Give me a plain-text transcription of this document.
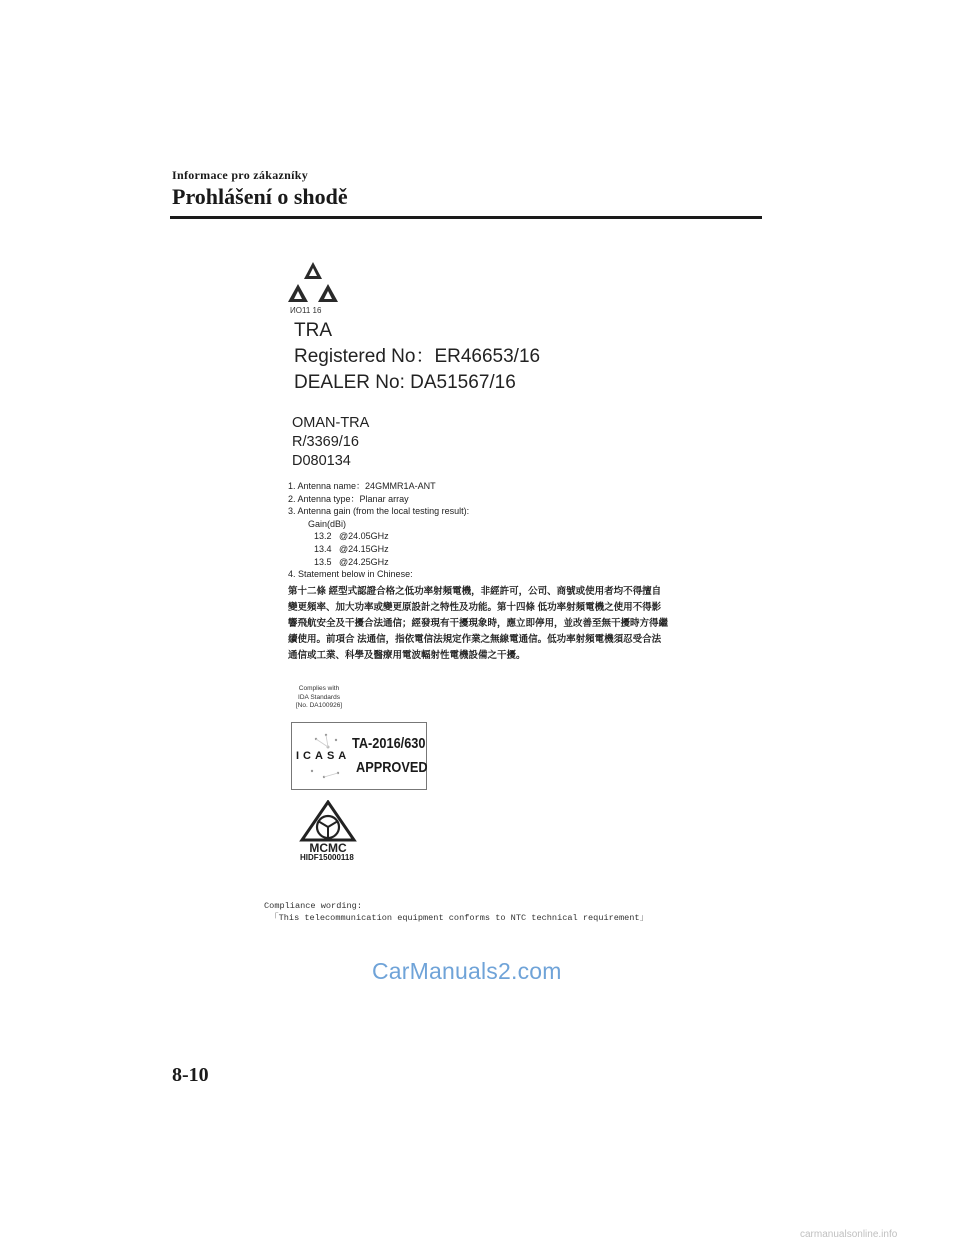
Informace pro zákazníky
Prohlášení o shodě
ИO11 16
TRA
Registered No：ER46653/16
DEALER No: DA51567/16
OMAN-TRA
R/3369/16
D080134
1. Antenna name：24GMMR1A-ANT
2. Antenna type：Planar array
3. Antenna gain (from the local testing result):
Gain(dBi)
13.2   @24.05GHz
13.4   @24.15GHz
13.5   @24.25GHz
4. Statement below in Chinese:
第十二條 經型式認證合格之低功率射頻電機，非經許可，公司、商號或使用者均不得擅自變更頻率、加大功率或變更原設計之特性及功能。第十四條 低功率射頻電機之使用不得影響飛航安全及干擾合法通信；經發現有干擾現象時，應立即停用，並改善至無干擾時方得繼續使用。前項合 法通信，指依電信法規定作業之無線電通信。低功率射頻電機須忍受合法通信或工業、科學及醫療用電波輻射性電機設備之干擾。
Complies with
IDA Standards
[No. DA100926]
ICASA
TA-2016/630
APPROVED
MCMC
HIDF15000118
Compliance wording:
「This telecommunication equipment conforms to NTC technical requirement」
CarManuals2.com
8-10
carmanualsonline.info
